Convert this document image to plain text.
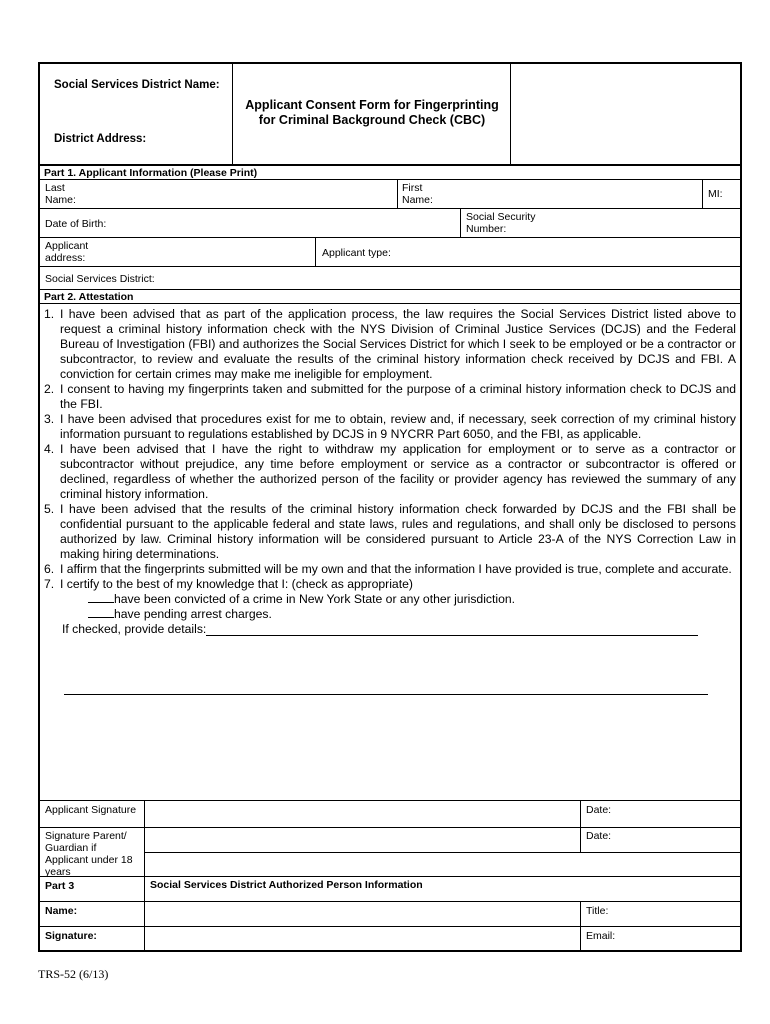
Social Services District Name:
District Address:
Applicant Consent Form for Fingerprinting for Criminal Background Check (CBC)
Part 1. Applicant Information (Please Print)
Last Name:
First Name:	MI:
Date of Birth:
Social Security Number:
Applicant address:	Applicant type:
Social Services District:
Part 2. Attestation
1. I have been advised that as part of the application process, the law requires the Social Services District listed above to request a criminal history information check with the NYS Division of Criminal Justice Services (DCJS) and the Federal Bureau of Investigation (FBI) and authorizes the Social Services District for which I seek to be employed or be a contractor or subcontractor, to review and evaluate the results of the criminal history information check received by DCJS and FBI. A conviction for certain crimes may make me ineligible for employment.
2. I consent to having my fingerprints taken and submitted for the purpose of a criminal history information check to DCJS and the FBI.
3. I have been advised that procedures exist for me to obtain, review and, if necessary, seek correction of my criminal history information pursuant to regulations established by DCJS in 9 NYCRR Part 6050, and the FBI, as applicable.
4. I have been advised that I have the right to withdraw my application for employment or to serve as a contractor or subcontractor without prejudice, any time before employment or service as a contractor or subcontractor is offered or declined, regardless of whether the authorized person of the facility or provider agency has reviewed the summary of any criminal history information.
5. I have been advised that the results of the criminal history information check forwarded by DCJS and the FBI shall be confidential pursuant to the applicable federal and state laws, rules and regulations, and shall only be disclosed to persons authorized by law. Criminal history information will be considered pursuant to Article 23-A of the NYS Correction Law in making hiring determinations.
6. I affirm that the fingerprints submitted will be my own and that the information I have provided is true, complete and accurate.
7. I certify to the best of my knowledge that I: (check as appropriate)
have been convicted of a crime in New York State or any other jurisdiction.
have pending arrest charges.
If checked, provide details:
Applicant Signature	Date:
Signature Parent/ Guardian if Applicant under 18 years
Date:
Part 3	Social Services District Authorized Person Information
Name:	Title:
Signature:	Email:
TRS-52 (6/13)
